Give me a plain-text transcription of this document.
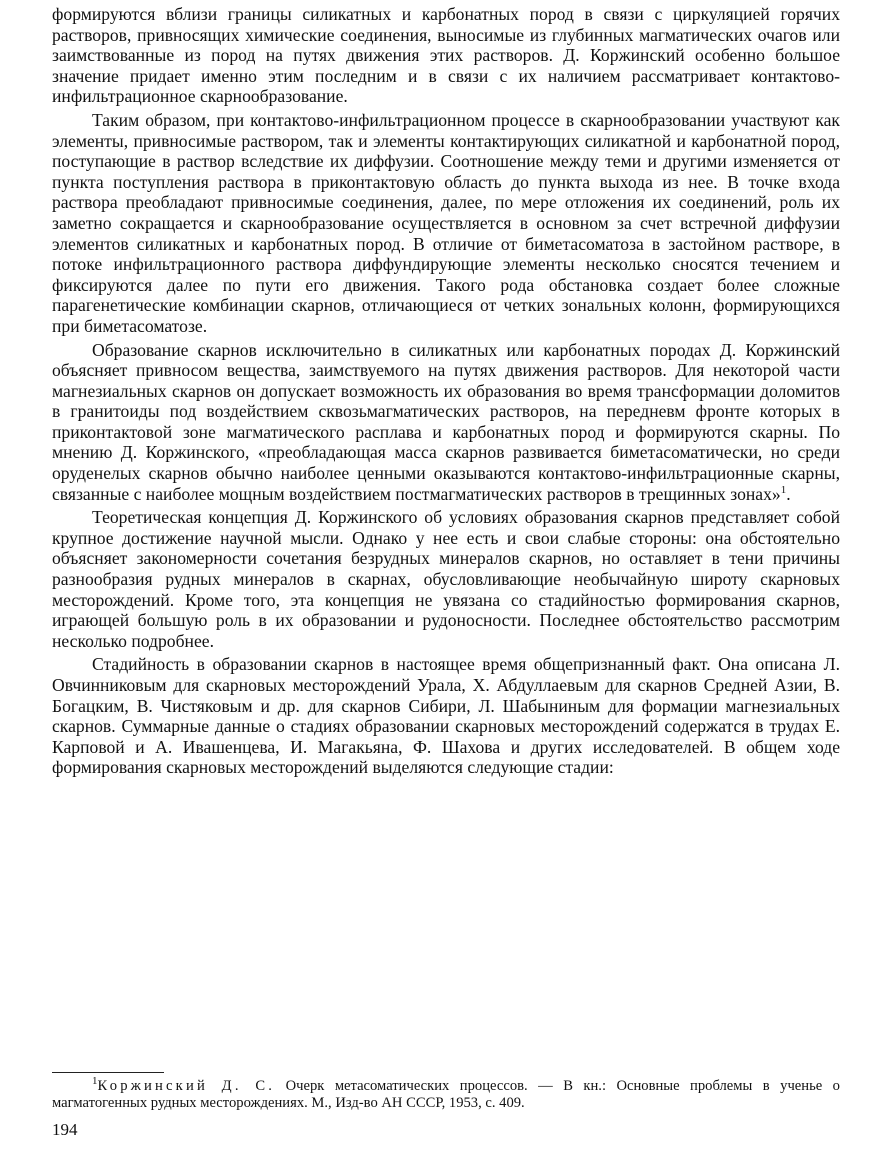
формируются вблизи границы силикатных и карбонатных пород в связи с циркуляцией горячих растворов, привносящих химические соединения, выносимые из глубинных магматических очагов или заимствованные из пород на путях движения этих растворов. Д. Коржинский особенно большое значение придает именно этим последним и в связи с их наличием рассматривает контактово-инфильтрационное скарнообразование.

Таким образом, при контактово-инфильтрационном процессе в скарнообразовании участвуют как элементы, привносимые раствором, так и элементы контактирующих силикатной и карбонатной пород, поступающие в раствор вследствие их диффузии. Соотношение между теми и другими изменяется от пункта поступления раствора в приконтактовую область до пункта выхода из нее. В точке входа раствора преобладают привносимые соединения, далее, по мере отложения их соединений, роль их заметно сокращается и скарнообразование осуществляется в основном за счет встречной диффузии элементов силикатных и карбонатных пород. В отличие от биметасоматоза в застойном растворе, в потоке инфильтрационного раствора диффундирующие элементы несколько сносятся течением и фиксируются далее по пути его движения. Такого рода обстановка создает более сложные парагенетические комбинации скарнов, отличающиеся от четких зональных колонн, формирующихся при биметасоматозе.

Образование скарнов исключительно в силикатных или карбонатных породах Д. Коржинский объясняет привносом вещества, заимствуемого на путях движения растворов. Для некоторой части магнезиальных скарнов он допускает возможность их образования во время трансформации доломитов в гранитоиды под воздействием сквозьмагматических растворов, на передневм фронте которых в приконтактовой зоне магматического расплава и карбонатных пород и формируются скарны. По мнению Д. Коржинского, «преобладающая масса скарнов развивается биметасоматически, но среди оруденелых скарнов обычно наиболее ценными оказываются контактово-инфильтрационные скарны, связанные с наиболее мощным воздействием постмагматических растворов в трещинных зонах»$^1$.

Теоретическая концепция Д. Коржинского об условиях образования скарнов представляет собой крупное достижение научной мысли. Однако у нее есть и свои слабые стороны: она обстоятельно объясняет закономерности сочетания безрудных минералов скарнов, но оставляет в тени причины разнообразия рудных минералов в скарнах, обусловливающие необычайную широту скарновых месторождений. Кроме того, эта концепция не увязана со стадийностью формирования скарнов, играющей большую роль в их образовании и рудоносности. Последнее обстоятельство рассмотрим несколько подробнее.

Стадийность в образовании скарнов в настоящее время общепризнанный факт. Она описана Л. Овчинниковым для скарновых месторождений Урала, Х. Абдуллаевым для скарнов Средней Азии, В. Богацким, В. Чистяковым и др. для скарнов Сибири, Л. Шабыниным для формации магнезиальных скарнов. Суммарные данные о стадиях образовании скарновых месторождений содержатся в трудах Е. Карповой и А. Ивашенцева, И. Магакьяна, Ф. Шахова и других исследователей. В общем ходе формирования скарновых месторождений выделяются следующие стадии:

$^1$Коржинский Д. С. Очерк метасоматических процессов. — В кн.: Основные проблемы в ученье о магматогенных рудных месторождениях. М., Изд-во АН СССР, 1953, с. 409.

194
